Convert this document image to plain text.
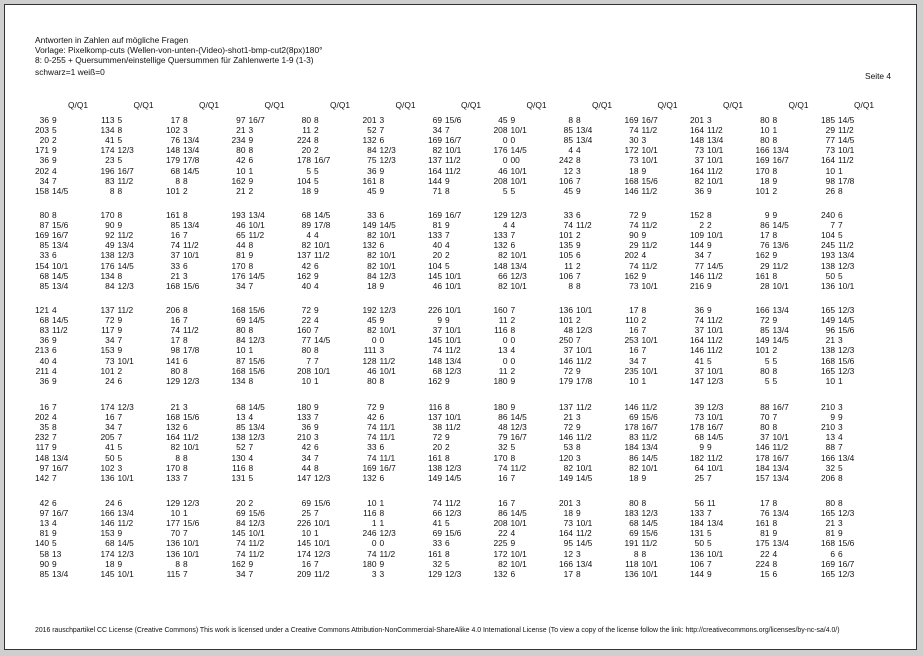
Antworten in Zahlen auf mögliche Fragen
Vorlage: Pixelkomp-cuts (Wellen-von-unten-(Video)-shot1-bmp-cut2(8px)180°
8: 0-255 + Quersummen/einstellige Quersummen für Zahlenwerte 1-9 (1-3)
schwarz=1 weiß=0	Seite 4
Q/Q1	Q/Q1	Q/Q1	Q/Q1	Q/Q1	Q/Q1	Q/Q1	Q/Q1	Q/Q1	Q/Q1	Q/Q1	Q/Q1	Q/Q1
36 9	113 5	17 8	97 16/7	80 8	201 3	69 15/6	45 9	8 8	169 16/7	201 3	80 8	185 14/5
203 5	134 8	102 3	21 3	11 2	52 7	34 7	208 10/1	85 13/4	74 11/2	164 11/2	10 1	29 11/2
20 2	41 5	76 13/4	234 9	224 8	132 6	169 16/7	0 0	85 13/4	30 3	148 13/4	80 8	77 14/5
171 9	174 12/3	148 13/4	80 8	20 2	84 12/3	82 10/1	176 14/5	4 4	172 10/1	73 10/1	166 13/4	73 10/1
36 9	23 5	179 17/8	42 6	178 16/7	75 12/3	137 11/2	0 00	242 8	73 10/1	37 10/1	169 16/7	164 11/2
202 4	196 16/7	68 14/5	10 1	5 5	36 9	164 11/2	46 10/1	12 3	18 9	164 11/2	170 8	10 1
34 7	83 11/2	8 8	162 9	104 5	161 8	144 9	208 10/1	106 7	168 15/6	82 10/1	18 9	98 17/8
158 14/5	8 8	101 2	21 2	18 9	45 9	71 8	5 5	45 9	146 11/2	36 9	101 2	26 8
80 8	170 8	161 8	193 13/4	68 14/5	33 6	169 16/7	129 12/3	33 6	72 9	152 8	9 9	240 6
87 15/6	90 9	85 13/4	46 10/1	89 17/8	149 14/5	81 9	4 4	74 11/2	74 11/2	2 2	86 14/5	7 7
169 16/7	92 11/2	16 7	65 11/2	4 4	82 10/1	133 7	133 7	101 2	90 9	109 10/1	17 8	104 5
85 13/4	49 13/4	74 11/2	44 8	82 10/1	132 6	40 4	132 6	135 9	29 11/2	144 9	76 13/6	245 11/2
33 6	138 12/3	37 10/1	81 9	137 11/2	82 10/1	20 2	82 10/1	105 6	202 4	34 7	162 9	193 13/4
154 10/1	176 14/5	33 6	170 8	42 6	82 10/1	104 5	148 13/4	11 2	74 11/2	77 14/5	29 11/2	138 12/3
68 14/5	134 8	21 3	176 14/5	162 9	84 12/3	145 10/1	66 12/3	106 7	162 9	146 11/2	161 8	50 5
85 13/4	84 12/3	168 15/6	34 7	40 4	18 9	46 10/1	82 10/1	8 8	73 10/1	216 9	28 10/1	136 10/1
121 4	137 11/2	206 8	168 15/6	72 9	192 12/3	226 10/1	160 7	136 10/1	17 8	36 9	166 13/4	165 12/3
68 14/5	72 9	16 7	69 14/5	22 4	45 9	9 9	11 2	101 2	110 2	74 11/2	72 9	149 14/5
83 11/2	117 9	74 11/2	80 8	160 7	82 10/1	37 10/1	116 8	48 12/3	16 7	37 10/1	85 13/4	96 15/6
36 9	34 7	17 8	84 12/3	77 14/5	0 0	145 10/1	0 0	250 7	253 10/1	164 11/2	149 14/5	21 3
213 6	153 9	98 17/8	10 1	80 8	111 3	74 11/2	13 4	37 10/1	16 7	146 11/2	101 2	138 12/3
40 4	73 10/1	141 6	87 15/6	7 7	128 11/2	148 13/4	0 0	146 11/2	34 7	41 5	5 5	168 15/6
211 4	101 2	80 8	168 15/6	208 10/1	46 10/1	68 12/3	11 2	72 9	235 10/1	37 10/1	80 8	165 12/3
36 9	24 6	129 12/3	134 8	10 1	80 8	162 9	180 9	179 17/8	10 1	147 12/3	5 5	10 1
16 7	174 12/3	21 3	68 14/5	180 9	72 9	116 8	180 9	137 11/2	146 11/2	39 12/3	88 16/7	210 3
202 4	16 7	168 15/6	13 4	133 7	42 6	137 10/1	86 14/5	21 3	69 15/6	73 10/1	70 7	9 9
35 8	34 7	132 6	85 13/4	36 9	74 11/1	38 11/2	48 12/3	72 9	178 16/7	178 16/7	80 8	210 3
232 7	205 7	164 11/2	138 12/3	210 3	74 11/1	72 9	79 16/7	146 11/2	83 11/2	68 14/5	37 10/1	13 4
117 9	41 5	82 10/1	52 7	42 6	33 6	20 2	32 5	53 8	184 13/4	9 9	146 11/2	88 7
148 13/4	50 5	8 8	130 4	34 7	74 11/1	161 8	170 8	120 3	86 14/5	182 11/2	178 16/7	166 13/4
97 16/7	102 3	170 8	116 8	44 8	169 16/7	138 12/3	74 11/2	82 10/1	82 10/1	64 10/1	184 13/4	32 5
142 7	136 10/1	133 7	131 5	147 12/3	132 6	149 14/5	16 7	149 14/5	18 9	25 7	157 13/4	206 8
42 6	24 6	129 12/3	20 2	69 15/6	10 1	74 11/2	16 7	201 3	80 8	56 11	17 8	80 8
97 16/7	166 13/4	10 1	69 15/6	25 7	116 8	66 12/3	86 14/5	18 9	183 12/3	133 7	76 13/4	165 12/3
13 4	146 11/2	177 15/6	84 12/3	226 10/1	1 1	41 5	208 10/1	73 10/1	68 14/5	184 13/4	161 8	21 3
81 9	153 9	70 7	145 10/1	10 1	246 12/3	69 15/6	22 4	164 11/2	69 15/6	131 5	81 9	81 9
140 5	68 14/5	136 10/1	74 11/2	145 10/1	0 0	33 6	225 9	95 14/5	191 11/2	50 5	175 13/4	168 15/6
58 13	174 12/3	136 10/1	74 11/2	174 12/3	74 11/2	161 8	172 10/1	12 3	8 8	136 10/1	22 4	6 6
90 9	18 9	8 8	162 9	16 7	180 9	32 5	82 10/1	166 13/4	118 10/1	106 7	224 8	169 16/7
85 13/4	145 10/1	115 7	34 7	209 11/2	3 3	129 12/3	132 6	17 8	136 10/1	144 9	15 6	165 12/3
2016 rauschpartikel CC License (Creative Commons) This work is licensed under a Creative Commons Attribution-NonCommercial-ShareAlike 4.0 International License (To view a copy of the license follow the link: http://creativecommons.org/licenses/by-nc-sa/4.0/)
